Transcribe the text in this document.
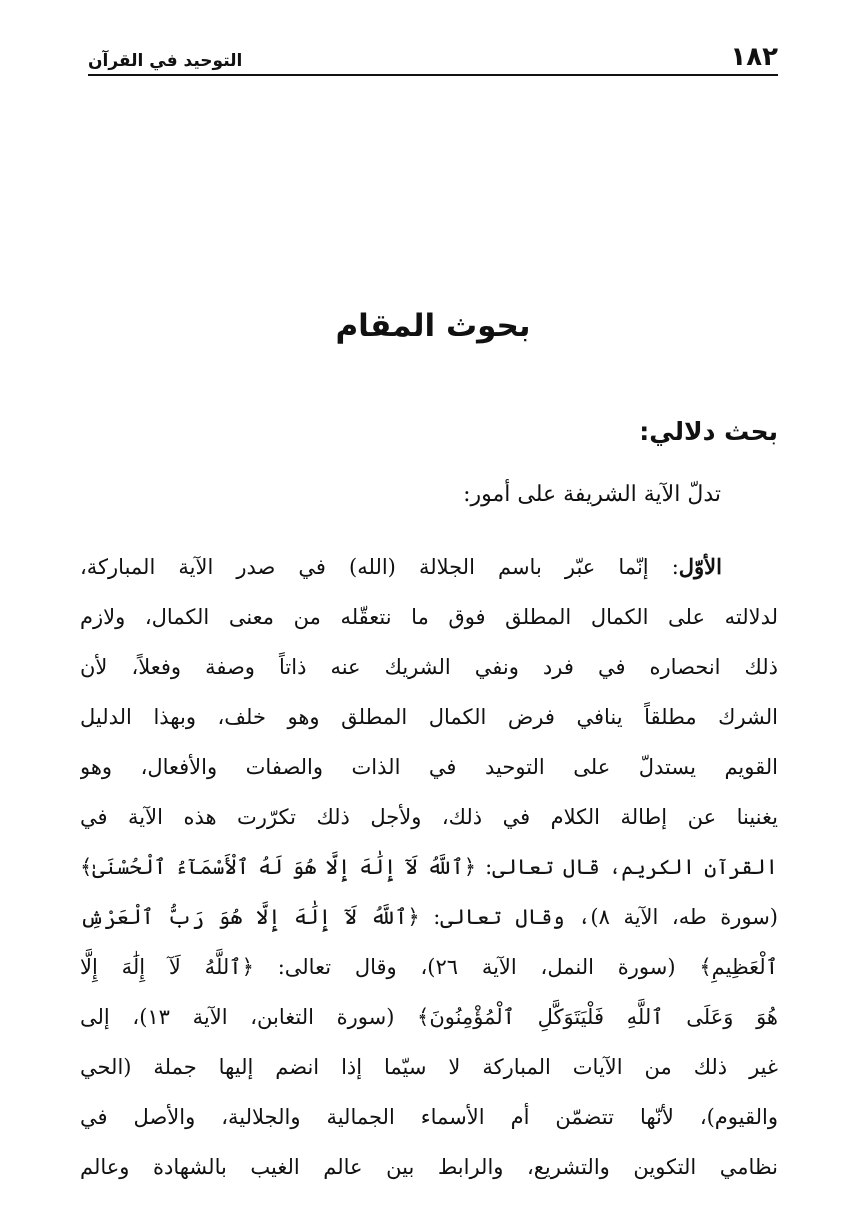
١٨٢
التوحيد في القرآن
بحوث المقام
بحث دلالي:
تدلّ الآية الشريفة على أمور:
الأوّل: إنّما عبّر باسم الجلالة (الله) في صدر الآية المباركة،
لدلالته على الكمال المطلق فوق ما نتعقّله من معنى الكمال، ولازم
ذلك انحصاره في فرد ونفي الشريك عنه ذاتاً وصفة وفعلاً، لأن
الشرك مطلقاً ينافي فرض الكمال المطلق وهو خلف، وبهذا الدليل
القويم يستدلّ على التوحيد في الذات والصفات والأفعال، وهو
يغنينا عن إطالة الكلام في ذلك، ولأجل ذلك تكرّرت هذه الآية في
القرآن الكريم، قال تعالى: ﴿ٱللَّهُ لَآ إِلَٰهَ إِلَّا هُوَ لَهُ ٱلْأَسْمَآءُ ٱلْحُسْنَىٰ﴾
(سورة طه، الآية ٨)، وقال تعالى: ﴿ٱللَّهُ لَآ إِلَٰهَ إِلَّا هُوَ رَبُّ ٱلْعَرْشِ
ٱلْعَظِيمِ﴾ (سورة النمل، الآية ٢٦)، وقال تعالى: ﴿ٱللَّهُ لَآ إِلَٰهَ إِلَّا
هُوَ وَعَلَى ٱللَّهِ فَلْيَتَوَكَّلِ ٱلْمُؤْمِنُونَ﴾ (سورة التغابن، الآية ١٣)، إلى
غير ذلك من الآيات المباركة لا سيّما إذا انضم إليها جملة (الحي
والقيوم)، لأنّها تتضمّن أم الأسماء الجمالية والجلالية، والأصل في
نظامي التكوين والتشريع، والرابط بين عالم الغيب بالشهادة وعالم
